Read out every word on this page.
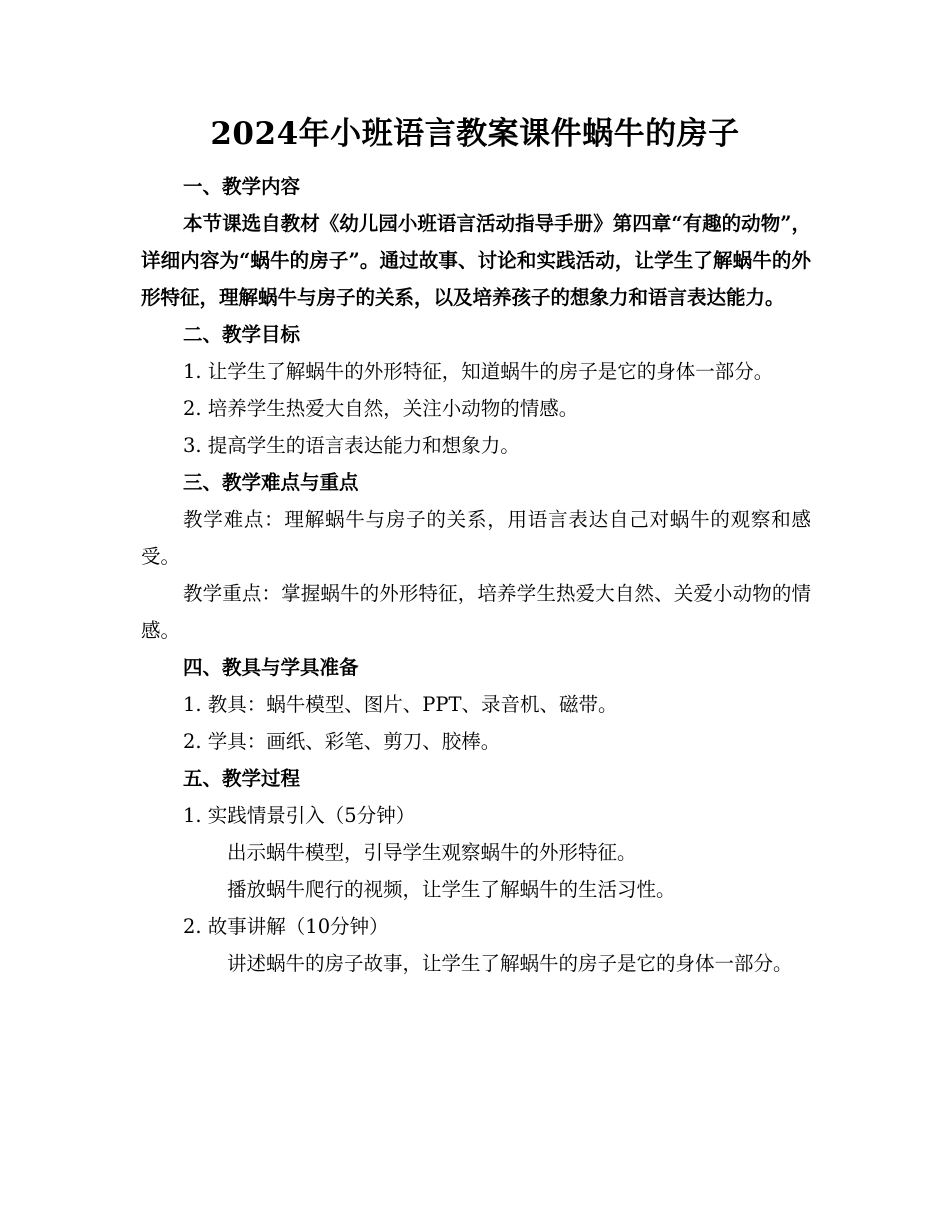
2024年小班语言教案课件蜗牛的房子

一、教学内容

本节课选自教材《幼儿园小班语言活动指导手册》第四章“有趣的动物”，详细内容为“蜗牛的房子”。通过故事、讨论和实践活动，让学生了解蜗牛的外形特征，理解蜗牛与房子的关系，以及培养孩子的想象力和语言表达能力。

二、教学目标

1. 让学生了解蜗牛的外形特征，知道蜗牛的房子是它的身体一部分。

2. 培养学生热爱大自然，关注小动物的情感。

3. 提高学生的语言表达能力和想象力。

三、教学难点与重点

教学难点：理解蜗牛与房子的关系，用语言表达自己对蜗牛的观察和感受。

教学重点：掌握蜗牛的外形特征，培养学生热爱大自然、关爱小动物的情感。

四、教具与学具准备

1. 教具：蜗牛模型、图片、PPT、录音机、磁带。

2. 学具：画纸、彩笔、剪刀、胶棒。

五、教学过程

1. 实践情景引入（5分钟）

出示蜗牛模型，引导学生观察蜗牛的外形特征。

播放蜗牛爬行的视频，让学生了解蜗牛的生活习性。

2. 故事讲解（10分钟）

讲述蜗牛的房子故事，让学生了解蜗牛的房子是它的身体一部分。
